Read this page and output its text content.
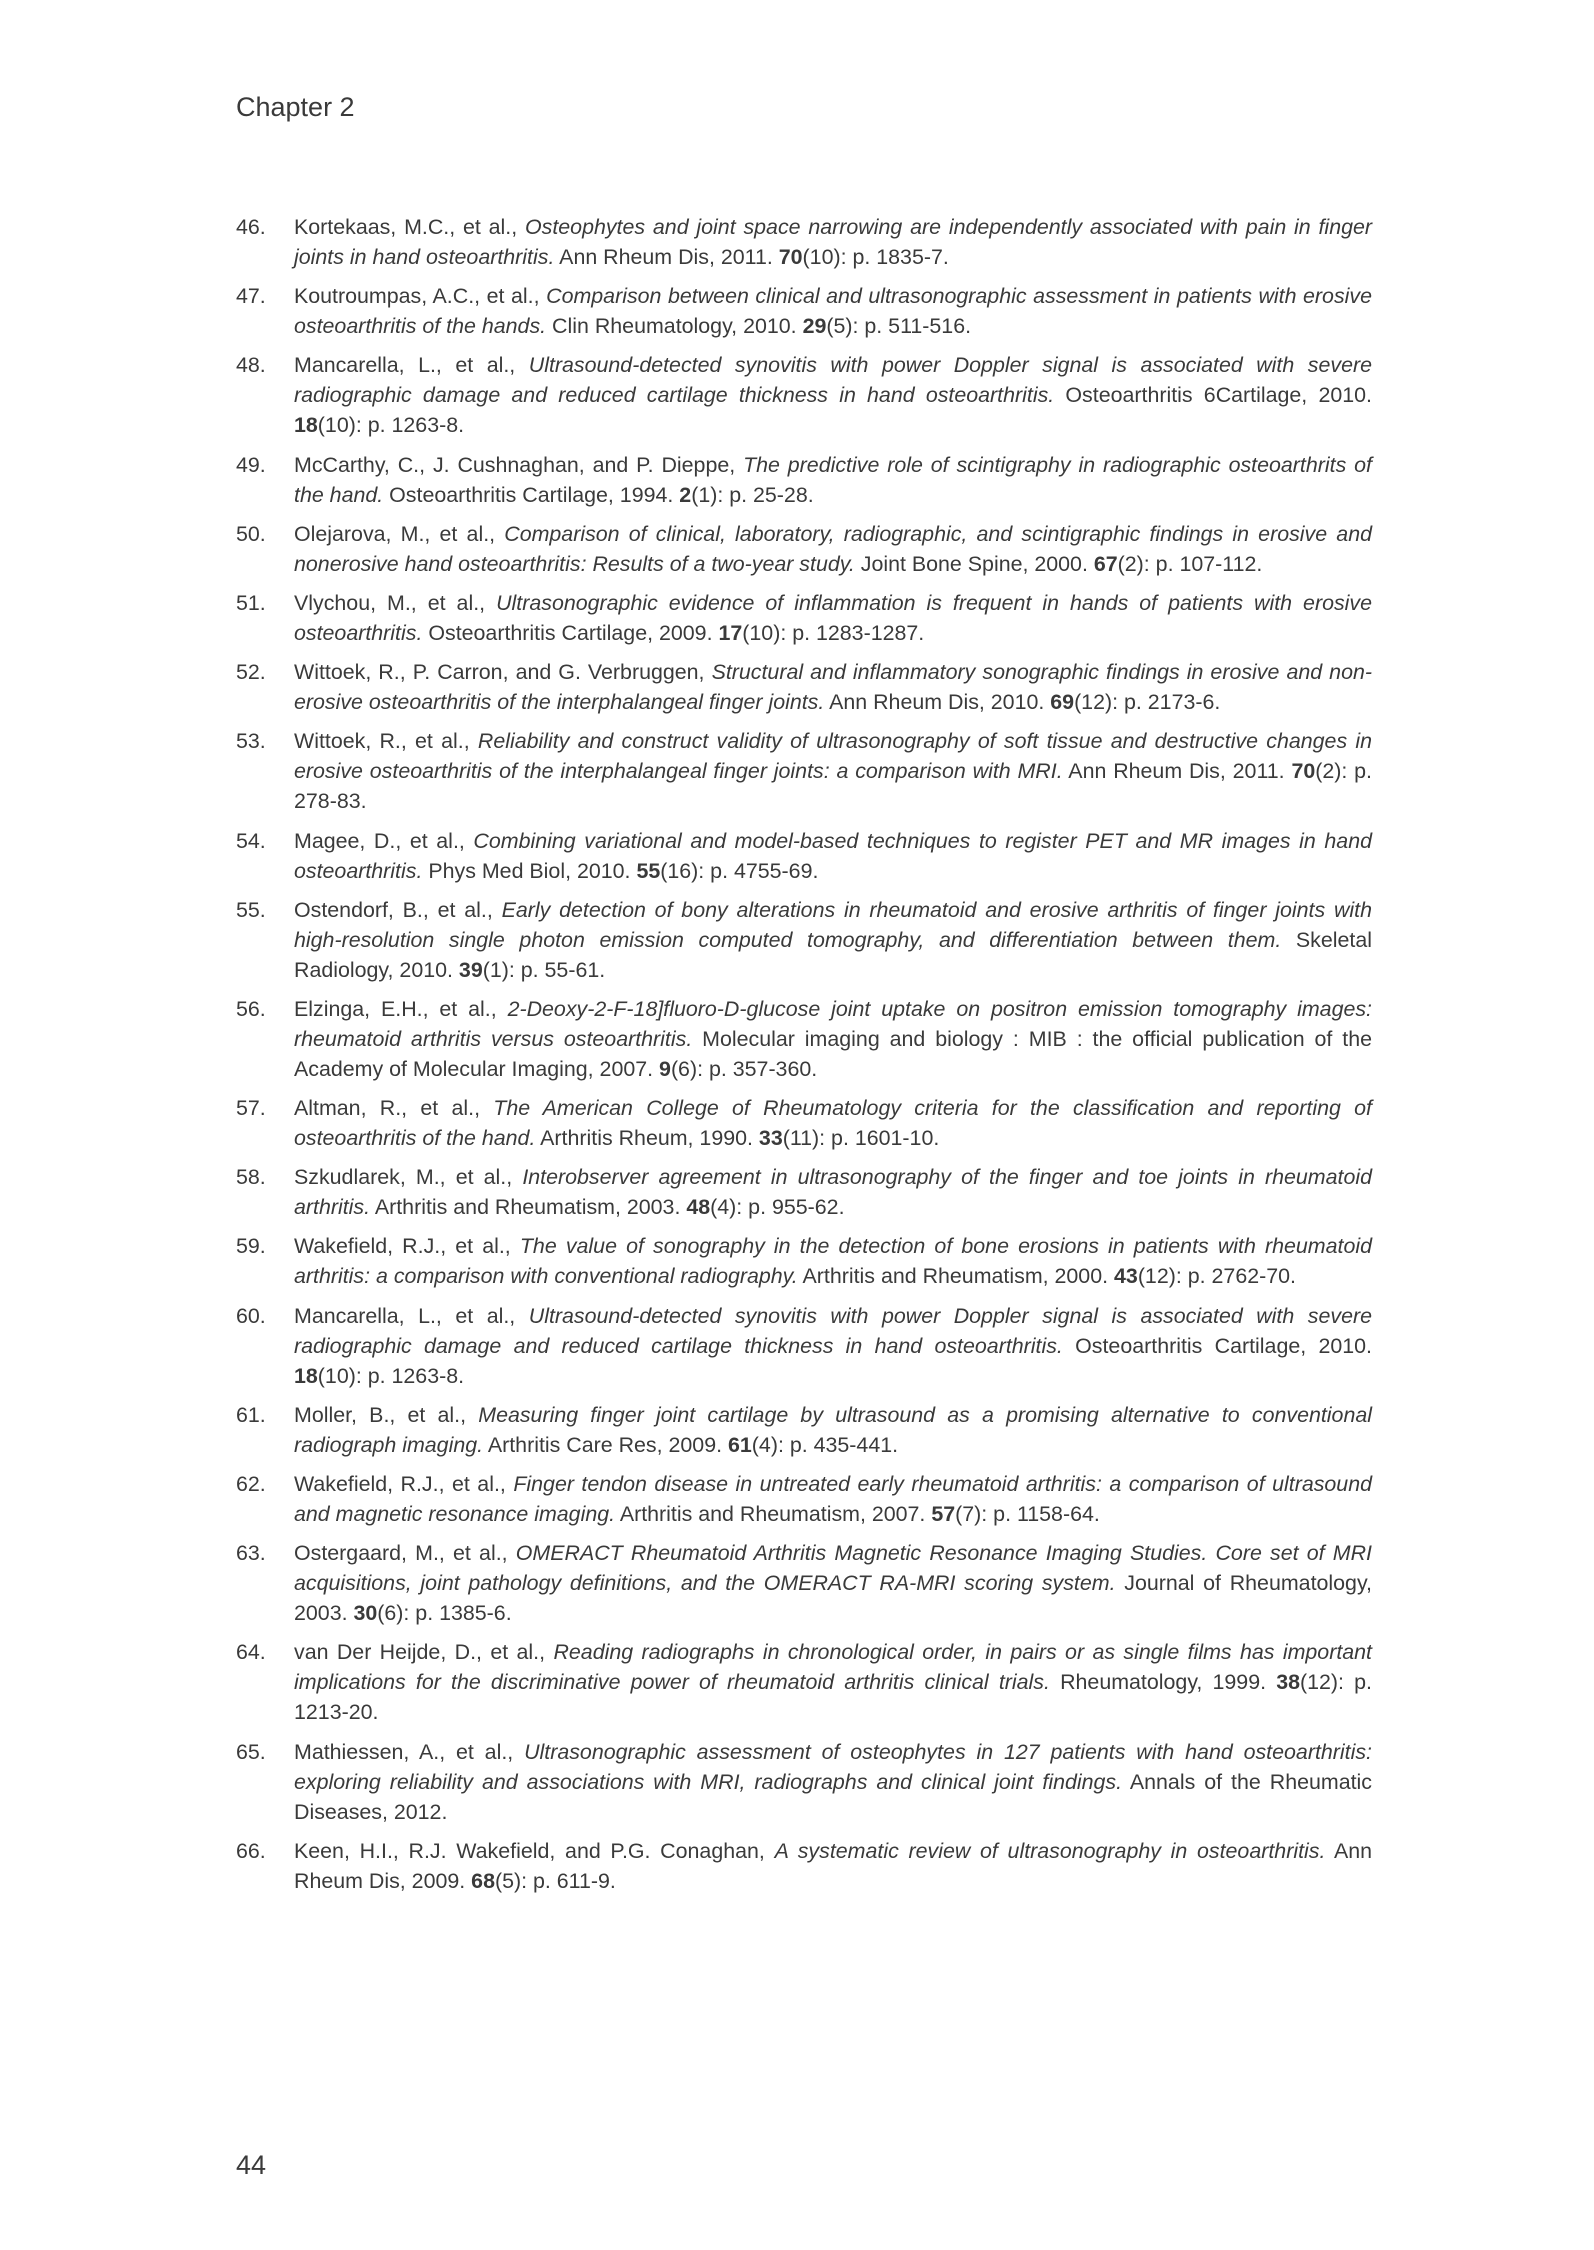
Chapter 2
46. Kortekaas, M.C., et al., Osteophytes and joint space narrowing are independently associated with pain in finger joints in hand osteoarthritis. Ann Rheum Dis, 2011. 70(10): p. 1835-7.
47. Koutroumpas, A.C., et al., Comparison between clinical and ultrasonographic assessment in patients with erosive osteoarthritis of the hands. Clin Rheumatology, 2010. 29(5): p. 511-516.
48. Mancarella, L., et al., Ultrasound-detected synovitis with power Doppler signal is associated with severe radiographic damage and reduced cartilage thickness in hand osteoarthritis. Osteoarthritis 6Cartilage, 2010. 18(10): p. 1263-8.
49. McCarthy, C., J. Cushnaghan, and P. Dieppe, The predictive role of scintigraphy in radiographic osteoarthrits of the hand. Osteoarthritis Cartilage, 1994. 2(1): p. 25-28.
50. Olejarova, M., et al., Comparison of clinical, laboratory, radiographic, and scintigraphic findings in erosive and nonerosive hand osteoarthritis: Results of a two-year study. Joint Bone Spine, 2000. 67(2): p. 107-112.
51. Vlychou, M., et al., Ultrasonographic evidence of inflammation is frequent in hands of patients with erosive osteoarthritis. Osteoarthritis Cartilage, 2009. 17(10): p. 1283-1287.
52. Wittoek, R., P. Carron, and G. Verbruggen, Structural and inflammatory sonographic findings in erosive and non-erosive osteoarthritis of the interphalangeal finger joints. Ann Rheum Dis, 2010. 69(12): p. 2173-6.
53. Wittoek, R., et al., Reliability and construct validity of ultrasonography of soft tissue and destructive changes in erosive osteoarthritis of the interphalangeal finger joints: a comparison with MRI. Ann Rheum Dis, 2011. 70(2): p. 278-83.
54. Magee, D., et al., Combining variational and model-based techniques to register PET and MR images in hand osteoarthritis. Phys Med Biol, 2010. 55(16): p. 4755-69.
55. Ostendorf, B., et al., Early detection of bony alterations in rheumatoid and erosive arthritis of finger joints with high-resolution single photon emission computed tomography, and differentiation between them. Skeletal Radiology, 2010. 39(1): p. 55-61.
56. Elzinga, E.H., et al., 2-Deoxy-2-F-18]fluoro-D-glucose joint uptake on positron emission tomography images: rheumatoid arthritis versus osteoarthritis. Molecular imaging and biology : MIB : the official publication of the Academy of Molecular Imaging, 2007. 9(6): p. 357-360.
57. Altman, R., et al., The American College of Rheumatology criteria for the classification and reporting of osteoarthritis of the hand. Arthritis Rheum, 1990. 33(11): p. 1601-10.
58. Szkudlarek, M., et al., Interobserver agreement in ultrasonography of the finger and toe joints in rheumatoid arthritis. Arthritis and Rheumatism, 2003. 48(4): p. 955-62.
59. Wakefield, R.J., et al., The value of sonography in the detection of bone erosions in patients with rheumatoid arthritis: a comparison with conventional radiography. Arthritis and Rheumatism, 2000. 43(12): p. 2762-70.
60. Mancarella, L., et al., Ultrasound-detected synovitis with power Doppler signal is associated with severe radiographic damage and reduced cartilage thickness in hand osteoarthritis. Osteoarthritis Cartilage, 2010. 18(10): p. 1263-8.
61. Moller, B., et al., Measuring finger joint cartilage by ultrasound as a promising alternative to conventional radiograph imaging. Arthritis Care Res, 2009. 61(4): p. 435-441.
62. Wakefield, R.J., et al., Finger tendon disease in untreated early rheumatoid arthritis: a comparison of ultrasound and magnetic resonance imaging. Arthritis and Rheumatism, 2007. 57(7): p. 1158-64.
63. Ostergaard, M., et al., OMERACT Rheumatoid Arthritis Magnetic Resonance Imaging Studies. Core set of MRI acquisitions, joint pathology definitions, and the OMERACT RA-MRI scoring system. Journal of Rheumatology, 2003. 30(6): p. 1385-6.
64. van Der Heijde, D., et al., Reading radiographs in chronological order, in pairs or as single films has important implications for the discriminative power of rheumatoid arthritis clinical trials. Rheumatology, 1999. 38(12): p. 1213-20.
65. Mathiessen, A., et al., Ultrasonographic assessment of osteophytes in 127 patients with hand osteoarthritis: exploring reliability and associations with MRI, radiographs and clinical joint findings. Annals of the Rheumatic Diseases, 2012.
66. Keen, H.I., R.J. Wakefield, and P.G. Conaghan, A systematic review of ultrasonography in osteoarthritis. Ann Rheum Dis, 2009. 68(5): p. 611-9.
44
